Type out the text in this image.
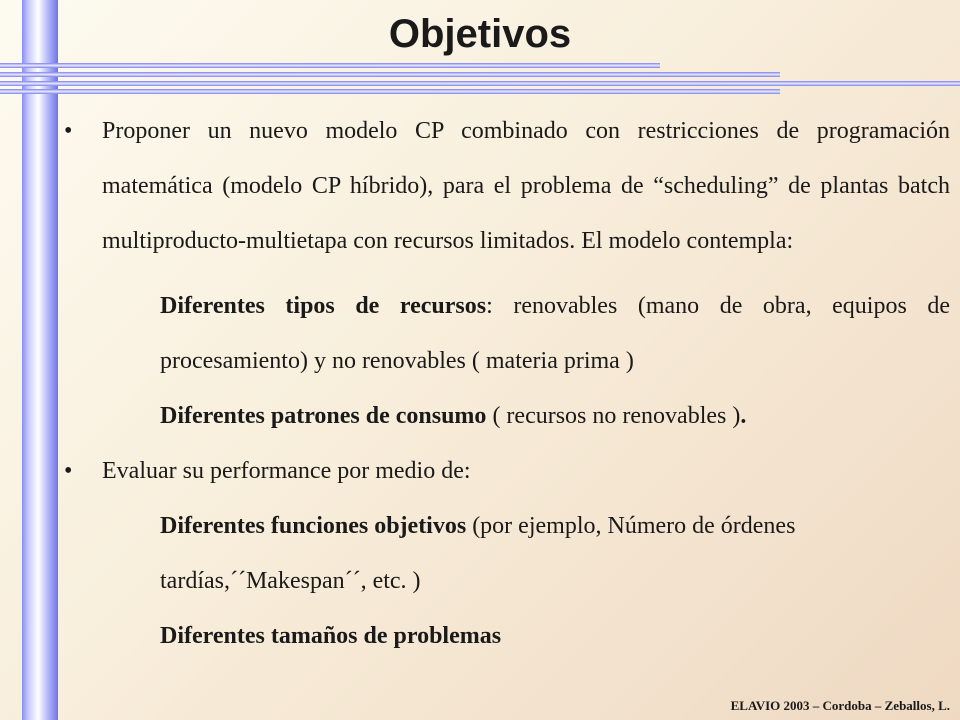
Objetivos
• Proponer un nuevo modelo CP combinado con restricciones de programación matemática (modelo CP híbrido), para el problema de “scheduling” de plantas batch multiproducto-multietapa con recursos limitados. El modelo contempla:
Diferentes tipos de recursos: renovables (mano de obra, equipos de procesamiento) y no renovables ( materia prima )
Diferentes patrones de consumo ( recursos no renovables ).
• Evaluar su performance por medio de:
Diferentes funciones objetivos (por ejemplo, Número de órdenes tardías,´´Makespan´´, etc. )
Diferentes tamaños de problemas
ELAVIO 2003 – Cordoba – Zeballos, L.
